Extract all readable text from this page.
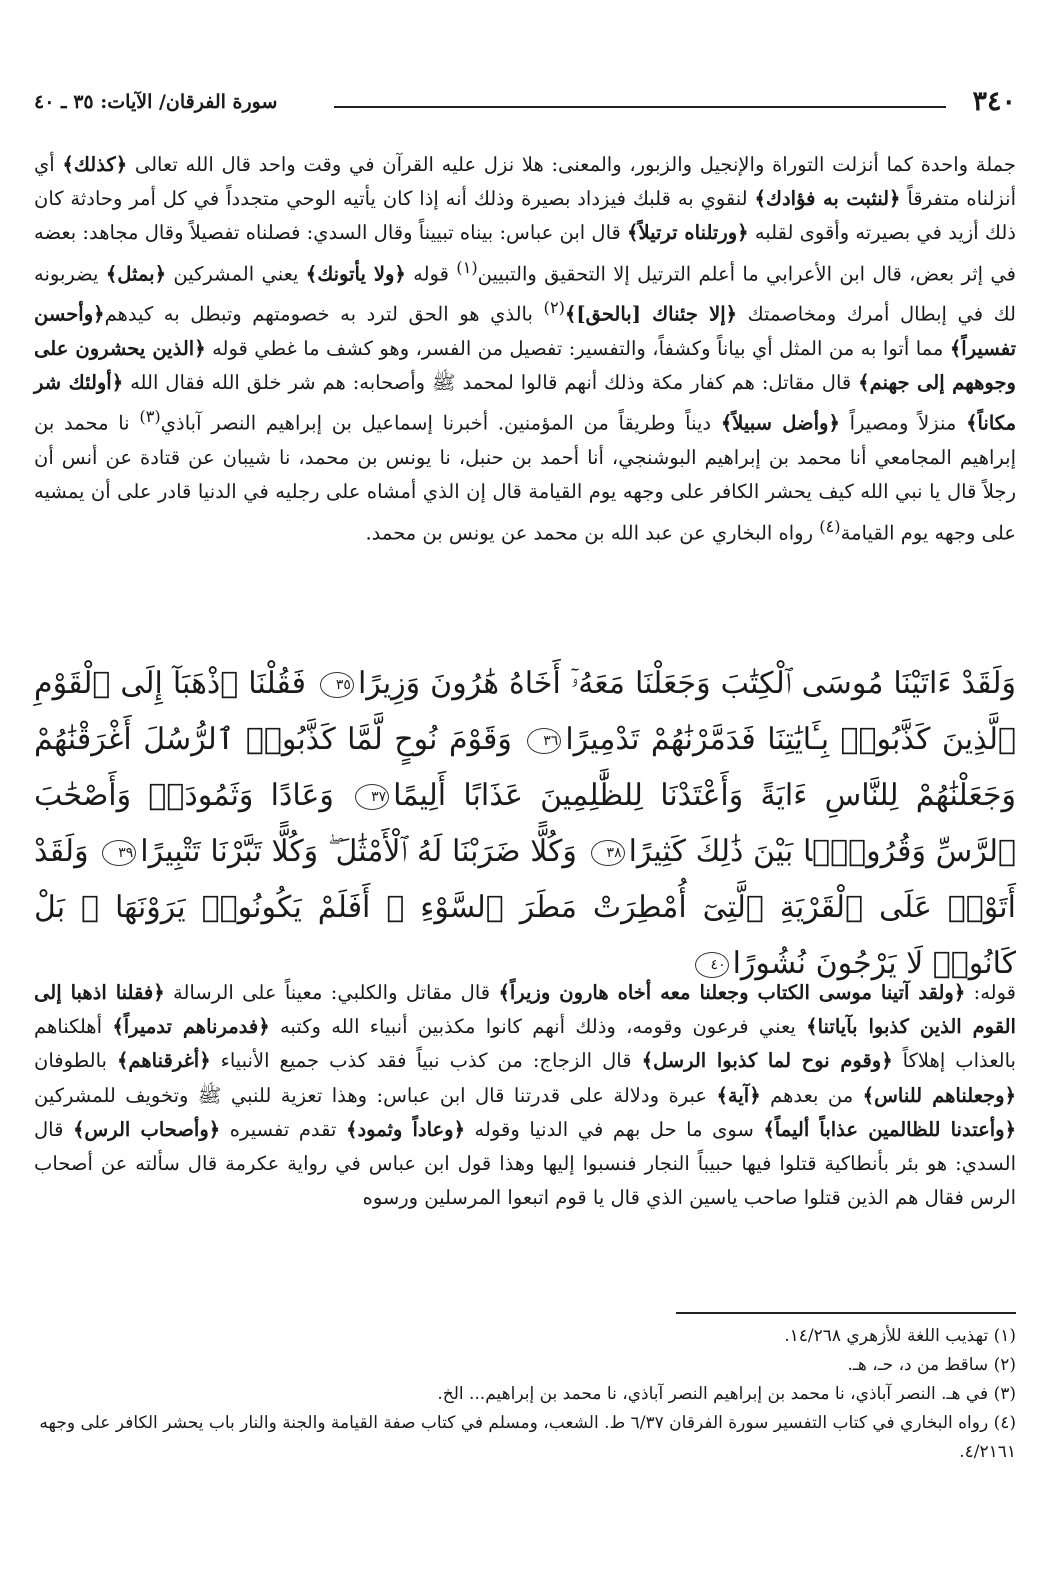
٣٤٠
سورة الفرقان/ الآيات: ٣٥ ـ ٤٠

جملة واحدة كما أنزلت التوراة والإنجيل والزبور، والمعنى: هلا نزل عليه القرآن في وقت واحد قال الله تعالى ﴿كذلك﴾ أي أنزلناه متفرقاً ﴿لنثبت به فؤادك﴾ لنقوي به قلبك فيزداد بصيرة وذلك أنه إذا كان يأتيه الوحي متجدداً في كل أمر وحادثة كان ذلك أزيد في بصيرته وأقوى لقلبه ﴿ورتلناه ترتيلاً﴾ قال ابن عباس: بيناه تبييناً وقال السدي: فصلناه تفصيلاً وقال مجاهد: بعضه في إثر بعض، قال ابن الأعرابي ما أعلم الترتيل إلا التحقيق والتبيين$^{(١)}$ قوله ﴿ولا يأتونك﴾ يعني المشركين ﴿بمثل﴾ يضربونه لك في إبطال أمرك ومخاصمتك ﴿إلا جئناك [بالحق]﴾$^{(٢)}$ بالذي هو الحق لترد به خصومتهم وتبطل به كيدهم﴿وأحسن تفسيراً﴾ مما أتوا به من المثل أي بياناً وكشفاً، والتفسير: تفصيل من الفسر، وهو كشف ما غطي قوله ﴿الذين يحشرون على وجوههم إلى جهنم﴾ قال مقاتل: هم كفار مكة وذلك أنهم قالوا لمحمد ﷺ وأصحابه: هم شر خلق الله فقال الله ﴿أولئك شر مكاناً﴾ منزلاً ومصيراً ﴿وأضل سبيلاً﴾ ديناً وطريقاً من المؤمنين. أخبرنا إسماعيل بن إبراهيم النصر آباذي$^{(٣)}$ نا محمد بن إبراهيم المجامعي أنا محمد بن إبراهيم البوشنجي، أنا أحمد بن حنبل، نا يونس بن محمد، نا شيبان عن قتادة عن أنس أن رجلاً قال يا نبي الله كيف يحشر الكافر على وجهه يوم القيامة قال إن الذي أمشاه على رجليه في الدنيا قادر على أن يمشيه على وجهه يوم القيامة$^{(٤)}$ رواه البخاري عن عبد الله بن محمد عن يونس بن محمد.

وَلَقَدْ ءَاتَيْنَا مُوسَى ٱلْكِتَٰبَ وَجَعَلْنَا مَعَهُۥٓ أَخَاهُ هَٰرُونَ وَزِيرًا٣٥ فَقُلْنَا ٱذْهَبَآ إِلَى ٱلْقَوْمِ ٱلَّذِينَ كَذَّبُوا۟ بِـَٔايَٰتِنَا فَدَمَّرْنَٰهُمْ تَدْمِيرًا٣٦ وَقَوْمَ نُوحٍ لَّمَّا كَذَّبُوا۟ ٱلرُّسُلَ أَغْرَقْنَٰهُمْ وَجَعَلْنَٰهُمْ لِلنَّاسِ ءَايَةً وَأَعْتَدْنَا لِلظَّٰلِمِينَ عَذَابًا أَلِيمًا٣٧ وَعَادًا وَثَمُودَا۟ وَأَصْحَٰبَ ٱلرَّسِّ وَقُرُونًۢا بَيْنَ ذَٰلِكَ كَثِيرًا٣٨ وَكُلًّا ضَرَبْنَا لَهُ ٱلْأَمْثَٰلَ ۖ وَكُلًّا تَبَّرْنَا تَتْبِيرًا٣٩ وَلَقَدْ أَتَوْا۟ عَلَى ٱلْقَرْيَةِ ٱلَّتِىٓ أُمْطِرَتْ مَطَرَ ٱلسَّوْءِ ۚ أَفَلَمْ يَكُونُوا۟ يَرَوْنَهَا ۚ بَلْ كَانُوا۟ لَا يَرْجُونَ نُشُورًا٤٠

قوله: ﴿ولقد آتينا موسى الكتاب وجعلنا معه أخاه هارون وزيراً﴾ قال مقاتل والكلبي: معيناً على الرسالة ﴿فقلنا اذهبا إلى القوم الذين كذبوا بآياتنا﴾ يعني فرعون وقومه، وذلك أنهم كانوا مكذبين أنبياء الله وكتبه ﴿فدمرناهم تدميراً﴾ أهلكناهم بالعذاب إهلاكاً ﴿وقوم نوح لما كذبوا الرسل﴾ قال الزجاج: من كذب نبياً فقد كذب جميع الأنبياء ﴿أغرقناهم﴾ بالطوفان ﴿وجعلناهم للناس﴾ من بعدهم ﴿آية﴾ عبرة ودلالة على قدرتنا قال ابن عباس: وهذا تعزية للنبي ﷺ وتخويف للمشركين ﴿وأعتدنا للظالمين عذاباً أليماً﴾ سوى ما حل بهم في الدنيا وقوله ﴿وعاداً وثمود﴾ تقدم تفسيره ﴿وأصحاب الرس﴾ قال السدي: هو بئر بأنطاكية قتلوا فيها حبيباً النجار فنسبوا إليها وهذا قول ابن عباس في رواية عكرمة قال سألته عن أصحاب الرس فقال هم الذين قتلوا صاحب ياسين الذي قال يا قوم اتبعوا المرسلين ورسوه

(١) تهذيب اللغة للأزهري ١٤/٢٦٨.
(٢) ساقط من د، حـ، هـ.
(٣) في هـ. النصر آباذي، نا محمد بن إبراهيم النصر آباذي، نا محمد بن إبراهيم... الخ.
(٤) رواه البخاري في كتاب التفسير سورة الفرقان ٦/٣٧ ط. الشعب، ومسلم في كتاب صفة القيامة والجنة والنار باب يحشر الكافر على وجهه ٤/٢١٦١.
